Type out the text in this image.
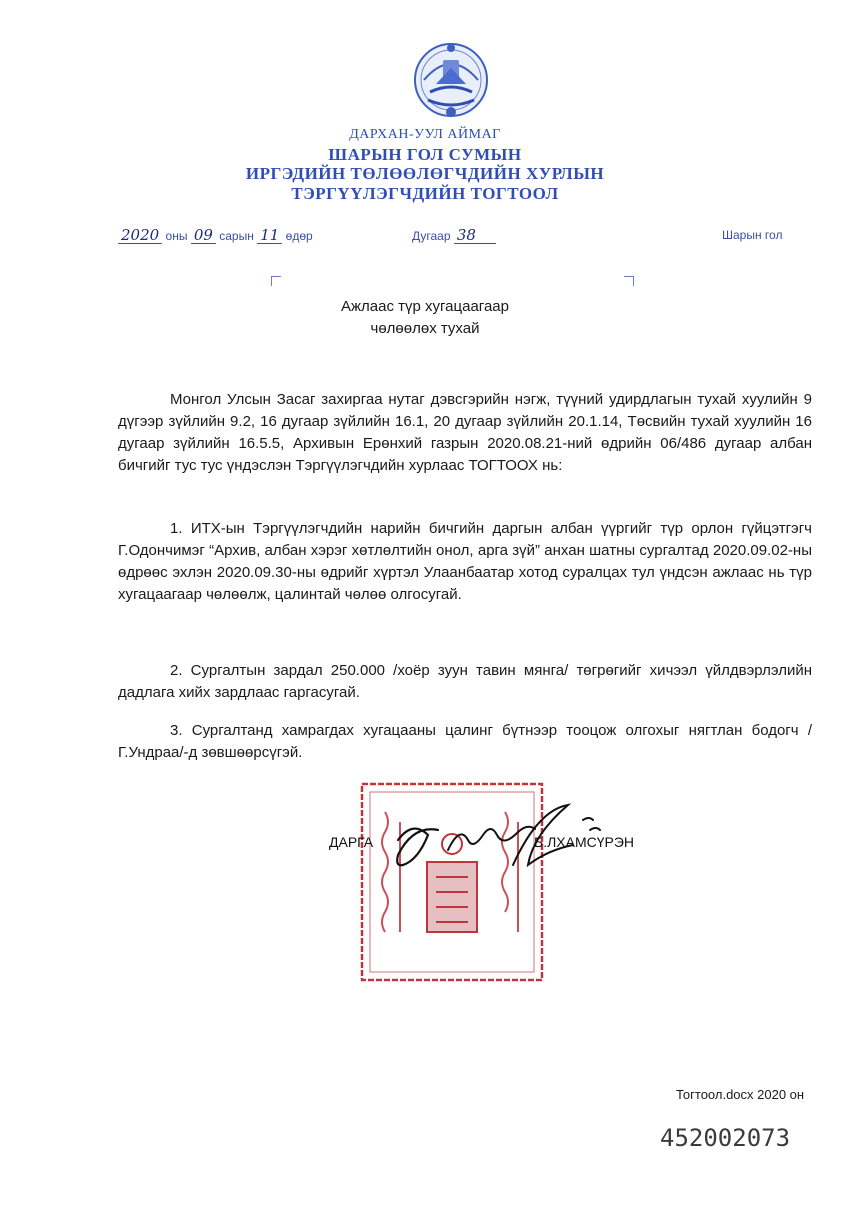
ДАРХАН-УУЛ АЙМАГ
ШАРЫН ГОЛ СУМЫН
ИРГЭДИЙН ТӨЛӨӨЛӨГЧДИЙН ХУРЛЫН
ТЭРГҮҮЛЭГЧДИЙН ТОГТООЛ
2020 оны 09 сарын 11 өдөр	Дугаар 38	Шарын гол
Ажлаас түр хугацаагаар
чөлөөлөх тухай
Монгол Улсын Засаг захиргаа нутаг дэвсгэрийн нэгж, түүний удирдлагын тухай хуулийн 9 дүгээр зүйлийн 9.2, 16 дугаар зүйлийн 16.1, 20 дугаар зүйлийн 20.1.14, Төсвийн тухай хуулийн 16 дугаар зүйлийн 16.5.5, Архивын Ерөнхий газрын 2020.08.21-ний өдрийн 06/486 дугаар албан бичгийг тус тус үндэслэн Тэргүүлэгчдийн хурлаас ТОГТООХ нь:
1. ИТХ-ын Тэргүүлэгчдийн нарийн бичгийн даргын албан үүргийг түр орлон гүйцэтгэгч Г.Одончимэг “Архив, албан хэрэг хөтлөлтийн онол, арга зүй” анхан шатны сургалтад 2020.09.02-ны өдрөөс эхлэн 2020.09.30-ны өдрийг хүртэл Улаанбаатар хотод суралцах тул үндсэн ажлаас нь түр хугацаагаар чөлөөлж, цалинтай чөлөө олгосугай.
2. Сургалтын зардал 250.000 /хоёр зуун тавин мянга/ төгрөгийг хичээл үйлдвэрлэлийн дадлага хийх зардлаас гаргасугай.
3. Сургалтанд хамрагдах хугацааны цалинг бүтнээр тооцож олгохыг нягтлан бодогч /Г.Ундраа/-д зөвшөөрсүгэй.
ДАРГА	Б.ЛХАМСҮРЭН
Тогтоол.docx 2020 он
452002073
